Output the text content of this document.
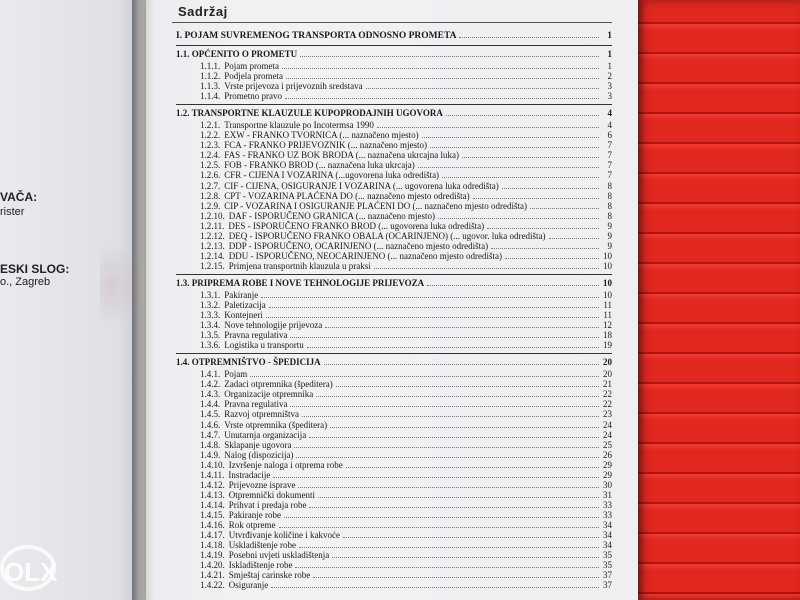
VAČA:
rister
ESKI SLOG:
o., Zagreb
OLX
Sadržaj
I. POJAM SUVREMENOG TRANSPORTA ODNOSNO PROMETA	1
1.1. OPĆENITO O PROMETU	1
1.1.1. Pojam prometa	1
1.1.2. Podjela prometa	2
1.1.3. Vrste prijevoza i prijevoznih sredstava	3
1.1.4. Prometno pravo	3
1.2. TRANSPORTNE KLAUZULE KUPOPRODAJNIH UGOVORA	4
1.2.1. Transportne klauzule po Incotermsa 1990	4
1.2.2. EXW - FRANKO TVORNICA (... naznačeno mjesto)	6
1.2.3. FCA - FRANKO PRIJEVOZNIK (... naznačeno mjesto)	7
1.2.4. FAS - FRANKO UZ BOK BRODA (... naznačena ukrcajna luka)	7
1.2.5. FOB - FRANKO BROD (... naznačena luka ukrcaja)	7
1.2.6. CFR - CIJENA I VOZARINA (...ugovorena luka odredišta)	7
1.2.7. CIF - CIJENA, OSIGURANJE I VOZARINA (... ugovorena luka odredišta)	8
1.2.8. CPT - VOZARINA PLAĆENA DO (... naznačeno mjesto odredišta)	8
1.2.9. CIP - VOZARINA I OSIGURANJE PLAĆENI DO (... naznačeno mjesto odredišta)	8
1.2.10. DAF - ISPORUČENO GRANICA (... naznačeno mjesto)	8
1.2.11. DES - ISPORUČENO FRANKO BROD (... ugovorena luka odredišta)	9
1.2.12. DEQ - ISPORUČENO FRANKO OBALA (OCARINJENO) (... ugovor. luka odredišta)	9
1.2.13. DDP - ISPORUČENO, OCARINJENO (... naznačeno mjesto odredišta)	9
1.2.14. DDU - ISPORUČENO, NEOCARINJENO (... naznačeno mjesto odredišta)	10
1.2.15. Primjena transportnih klauzula u praksi	10
1.3. PRIPREMA ROBE I NOVE TEHNOLOGIJE PRIJEVOZA	10
1.3.1. Pakiranje	10
1.3.2. Paletizacija	11
1.3.3. Kontejneri	11
1.3.4. Nove tehnologije prijevoza	12
1.3.5. Pravna regulativa	18
1.3.6. Logistika u transportu	19
1.4. OTPREMNIŠTVO - ŠPEDICIJA	20
1.4.1. Pojam	20
1.4.2. Zadaci otpremnika (špeditera)	21
1.4.3. Organizacije otpremnika	22
1.4.4. Pravna regulativa	22
1.4.5. Razvoj otpremništva	23
1.4.6. Vrste otpremnika (špeditera)	24
1.4.7. Unutarnja organizacija	24
1.4.8. Sklapanje ugovora	25
1.4.9. Nalog (dispozicija)	26
1.4.10. Izvršenje naloga i otprema robe	29
1.4.11. Instradacije	29
1.4.12. Prijevozne isprave	30
1.4.13. Otpremnički dokumenti	31
1.4.14. Prihvat i predaja robe	33
1.4.15. Pakiranje robe	33
1.4.16. Rok otpreme	34
1.4.17. Utvrđivanje količine i kakvoće	34
1.4.18. Uskladištenje robe	34
1.4.19. Posebni uvjeti uskladištenja	35
1.4.20. Iskladištenje robe	35
1.4.21. Smještaj carinske robe	37
1.4.22. Osiguranje	37
